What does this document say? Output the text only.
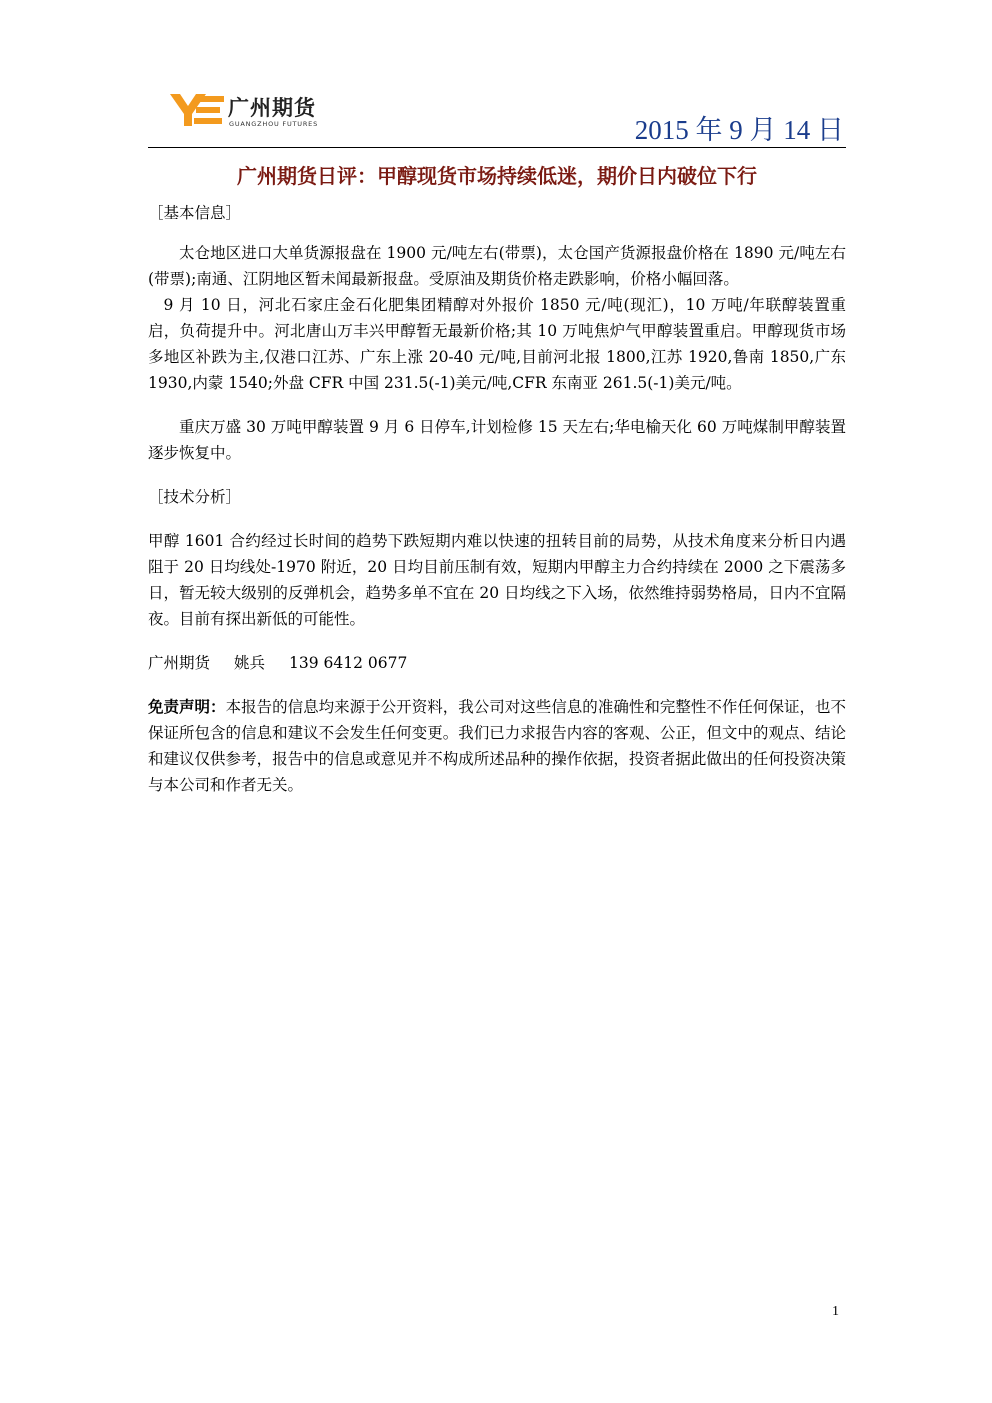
广州期货
GUANGZHOU FUTURES	2015 年 9 月 14 日
广州期货日评：甲醇现货市场持续低迷，期价日内破位下行

［基本信息］

太仓地区进口大单货源报盘在 1900 元/吨左右(带票)，太仓国产货源报盘价格在 1890 元/吨左右(带票);南通、江阴地区暂未闻最新报盘。受原油及期货价格走跌影响，价格小幅回落。

9 月 10 日，河北石家庄金石化肥集团精醇对外报价 1850 元/吨(现汇)，10 万吨/年联醇装置重启，负荷提升中。河北唐山万丰兴甲醇暂无最新价格;其 10 万吨焦炉气甲醇装置重启。甲醇现货市场多地区补跌为主,仅港口江苏、广东上涨 20-40 元/吨,目前河北报 1800,江苏 1920,鲁南 1850,广东 1930,内蒙 1540;外盘 CFR 中国 231.5(-1)美元/吨,CFR 东南亚 261.5(-1)美元/吨。

重庆万盛 30 万吨甲醇装置 9 月 6 日停车,计划检修 15 天左右;华电榆天化 60 万吨煤制甲醇装置逐步恢复中。

［技术分析］

甲醇 1601 合约经过长时间的趋势下跌短期内难以快速的扭转目前的局势，从技术角度来分析日内遇阻于 20 日均线处-1970 附近，20 日均目前压制有效，短期内甲醇主力合约持续在 2000 之下震荡多日，暂无较大级别的反弹机会，趋势多单不宜在 20 日均线之下入场，依然维持弱势格局，日内不宜隔夜。目前有探出新低的可能性。

广州期货 姚兵 139 6412 0677

免责声明：本报告的信息均来源于公开资料，我公司对这些信息的准确性和完整性不作任何保证，也不保证所包含的信息和建议不会发生任何变更。我们已力求报告内容的客观、公正，但文中的观点、结论和建议仅供参考，报告中的信息或意见并不构成所述品种的操作依据，投资者据此做出的任何投资决策与本公司和作者无关。

1
